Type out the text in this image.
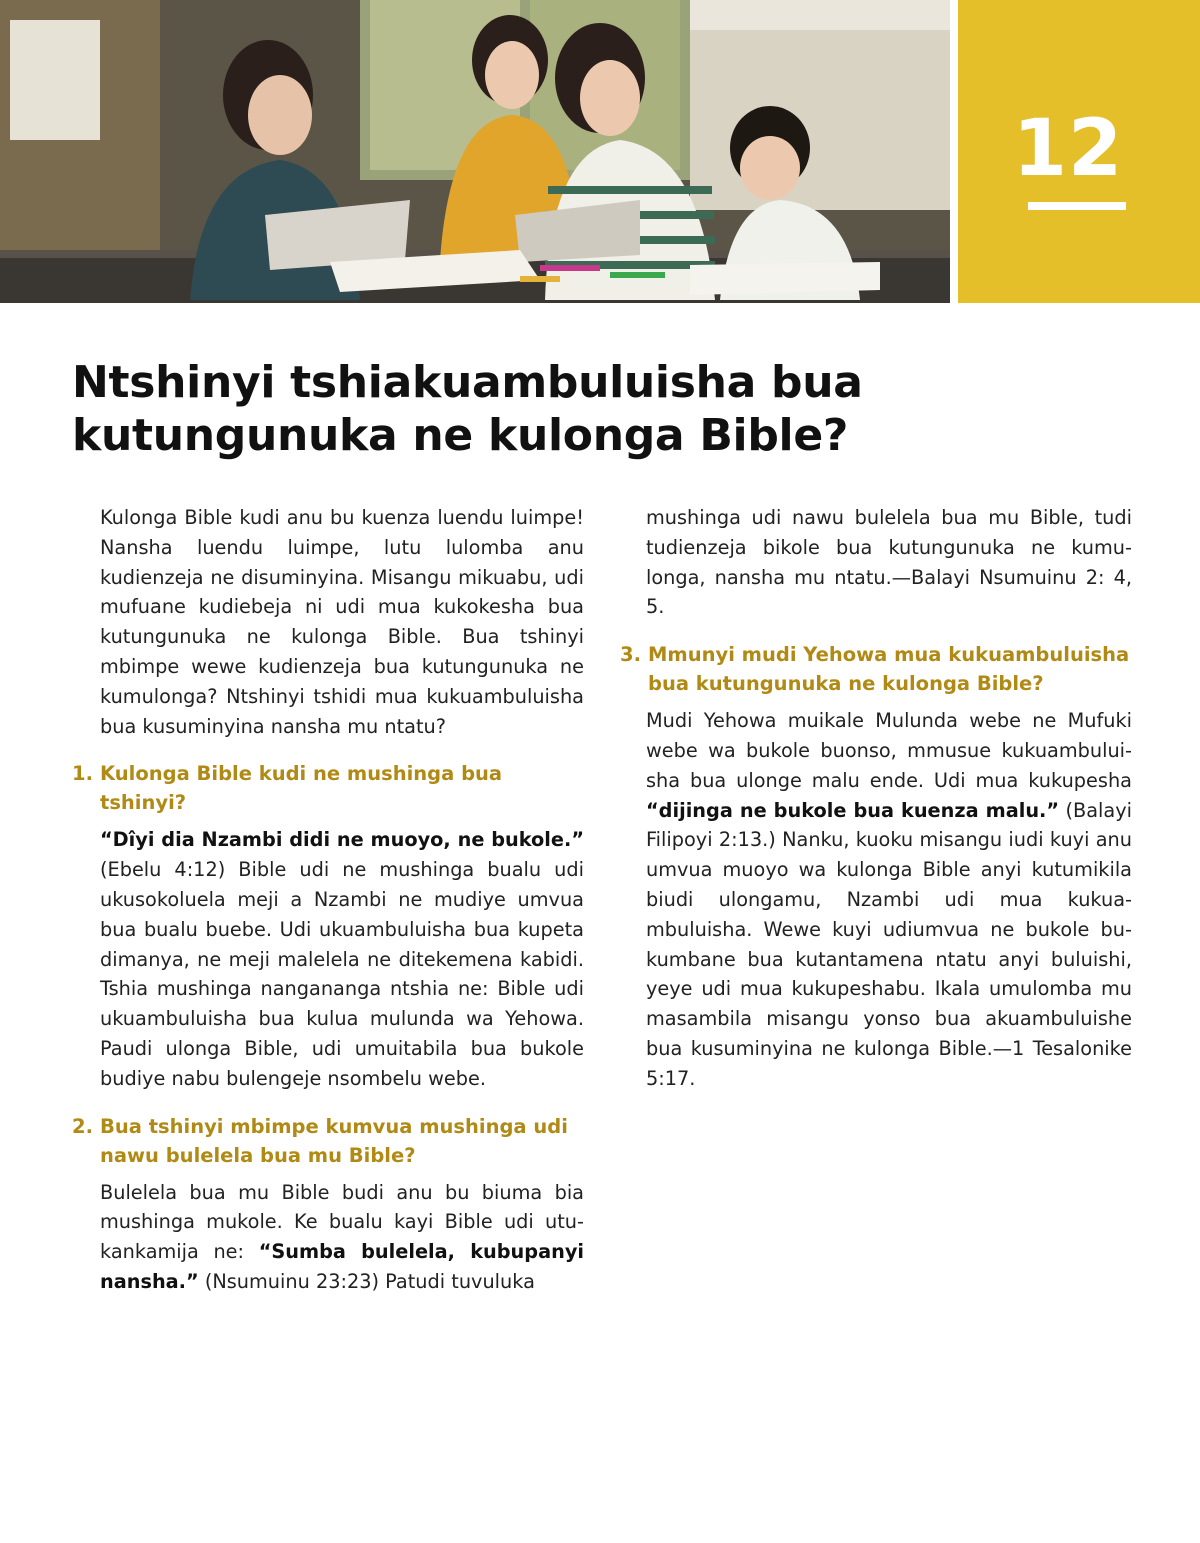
12
Ntshinyi tshiakuambuluisha bua
kutungunuka ne kulonga Bible?

Kulonga Bible kudi anu bu kuenza luendu luimpe! Nansha luendu luimpe, lutu lulomba anu kudienzeja ne disuminyina. Misangu mikuabu, udi mufuane kudiebeja ni udi mua kukokesha bua kutungunuka ne kulonga Bible. Bua tshinyi mbimpe wewe kudienzeja bua kutungunuka ne kumulonga? Ntshinyi tshidi mua kukuambuluisha bua kusuminyina nansha mu ntatu?

1. Kulonga Bible kudi ne mushinga bua tshinyi?

“Dîyi dia Nzambi didi ne muoyo, ne bukole.” (Ebelu 4:12) Bible udi ne mushinga bualu udi ukusokoluela meji a Nzambi ne mudiye umvua bua bualu buebe. Udi ukuambuluisha bua kupeta dimanya, ne meji malelela ne ditekemena kabidi. Tshia mushinga nangananga ntshia ne: Bible udi ukuambuluisha bua kulua mulunda wa Yehowa. Paudi ulonga Bible, udi umuitabila bua bukole budiye nabu bulengeje nsombelu webe.

2. Bua tshinyi mbimpe kumvua mushinga udi nawu bulelela bua mu Bible?

Bulelela bua mu Bible budi anu bu biuma bia mushinga mukole. Ke bualu kayi Bible udi utukankamija ne: “Sumba bulelela, kubupanyi nansha.” (Nsumuinu 23:23) Patudi tuvuluka

mushinga udi nawu bulelela bua mu Bible, tudi tudienzeja bikole bua kutungunuka ne kumulonga, nansha mu ntatu.—Balayi Nsumuinu 2: 4, 5.

3. Mmunyi mudi Yehowa mua kukuambuluisha bua kutungunuka ne kulonga Bible?

Mudi Yehowa muikale Mulunda webe ne Mufuki webe wa bukole buonso, mmusue kukuambuluisha bua ulonge malu ende. Udi mua kukupesha “dijinga ne bukole bua kuenza malu.” (Balayi Filipoyi 2:13.) Nanku, kuoku misangu iudi kuyi anu umvua muoyo wa kulonga Bible anyi kutumikila biudi ulongamu, Nzambi udi mua kukuambuluisha. Wewe kuyi udiumvua ne bukole bukumbane bua kutantamena ntatu anyi buluishi, yeye udi mua kukupeshabu. Ikala umulomba mu masambila misangu yonso bua akuambuluishe bua kusuminyina ne kulonga Bible.—1 Tesalonike 5:17.
